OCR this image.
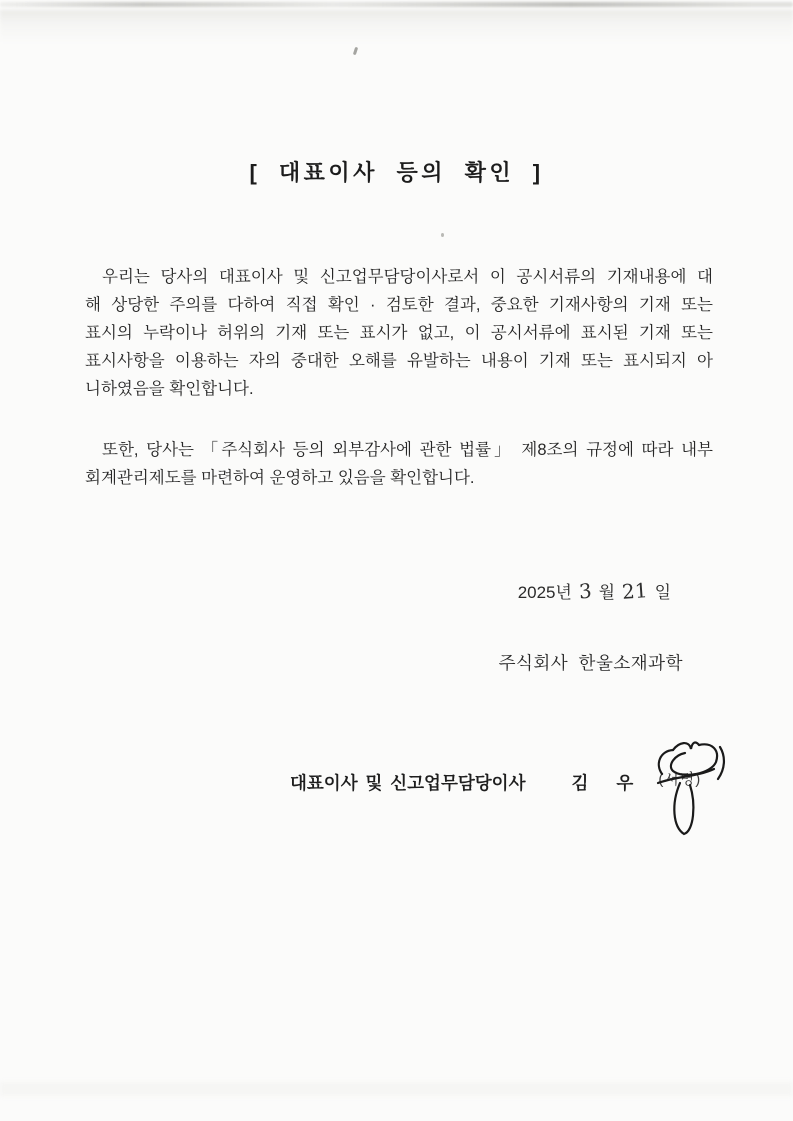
[ 대표이사 등의 확인 ]
우리는 당사의 대표이사 및 신고업무담당이사로서 이 공시서류의 기재내용에 대
해 상당한 주의를 다하여 직접 확인 · 검토한 결과, 중요한 기재사항의 기재 또는
표시의 누락이나 허위의 기재 또는 표시가 없고, 이 공시서류에 표시된 기재 또는
표시사항을 이용하는 자의 중대한 오해를 유발하는 내용이 기재 또는 표시되지 아
니하였음을 확인합니다.
또한, 당사는 「주식회사 등의 외부감사에 관한 법률」 제8조의 규정에 따라 내부
회계관리제도를 마련하여 운영하고 있음을 확인합니다.
2025년 3 월 21 일
주식회사 한울소재과학
대표이사 및 신고업무담당이사	김 우 (서명)
